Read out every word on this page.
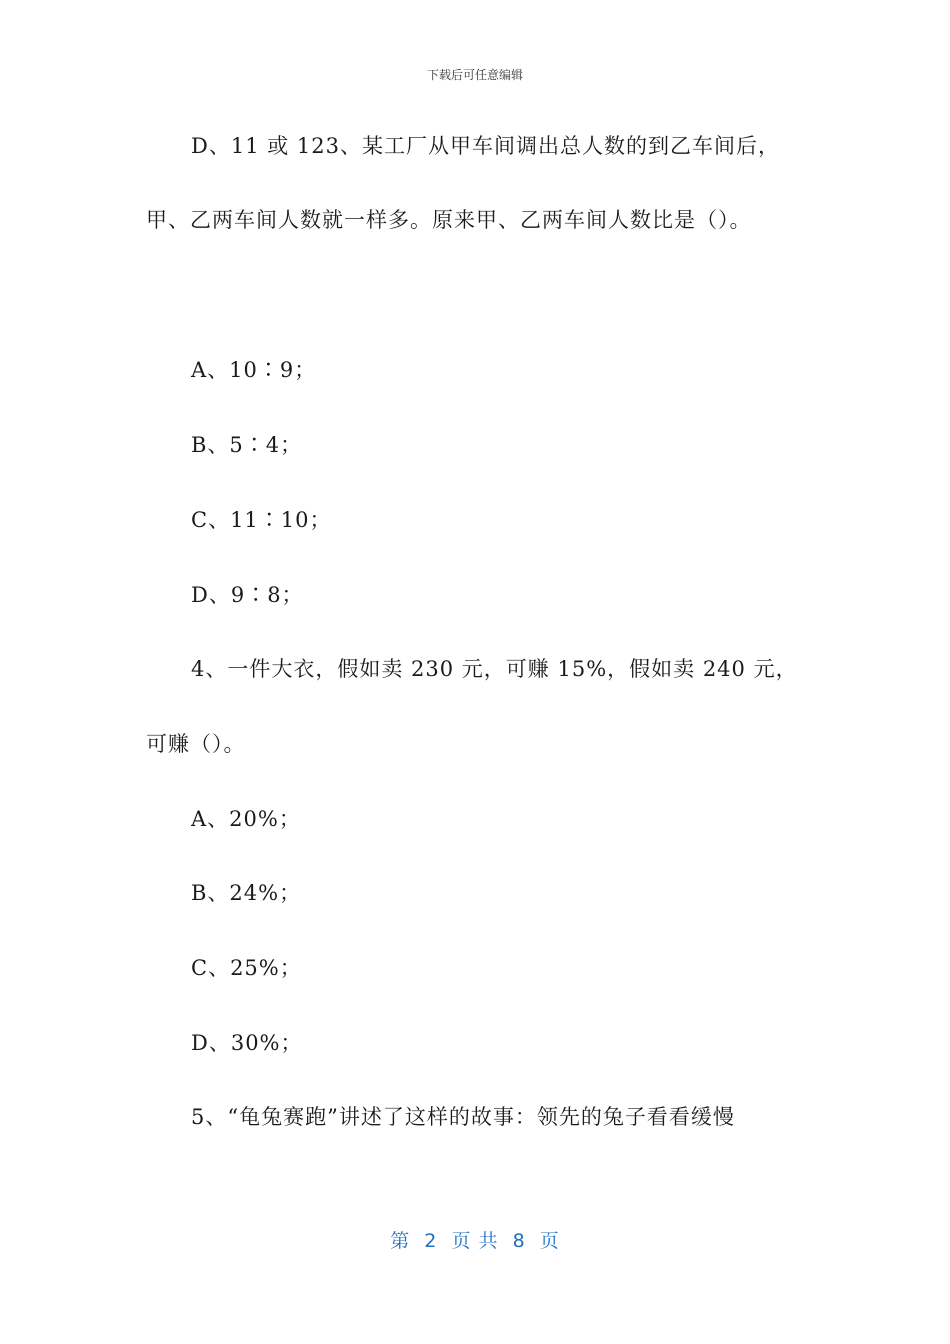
下载后可任意编辑
D、11 或 123、某工厂从甲车间调出总人数的到乙车间后，
甲、乙两车间人数就一样多。原来甲、乙两车间人数比是（）。
A、10∶9；
B、5∶4；
C、11∶10；
D、9∶8；
4、一件大衣，假如卖 230 元，可赚 15%，假如卖 240 元，
可赚（）。
A、20%；
B、24%；
C、25%；
D、30%；
5、“龟兔赛跑”讲述了这样的故事：领先的兔子看看缓慢
第  2  页 共  8  页
